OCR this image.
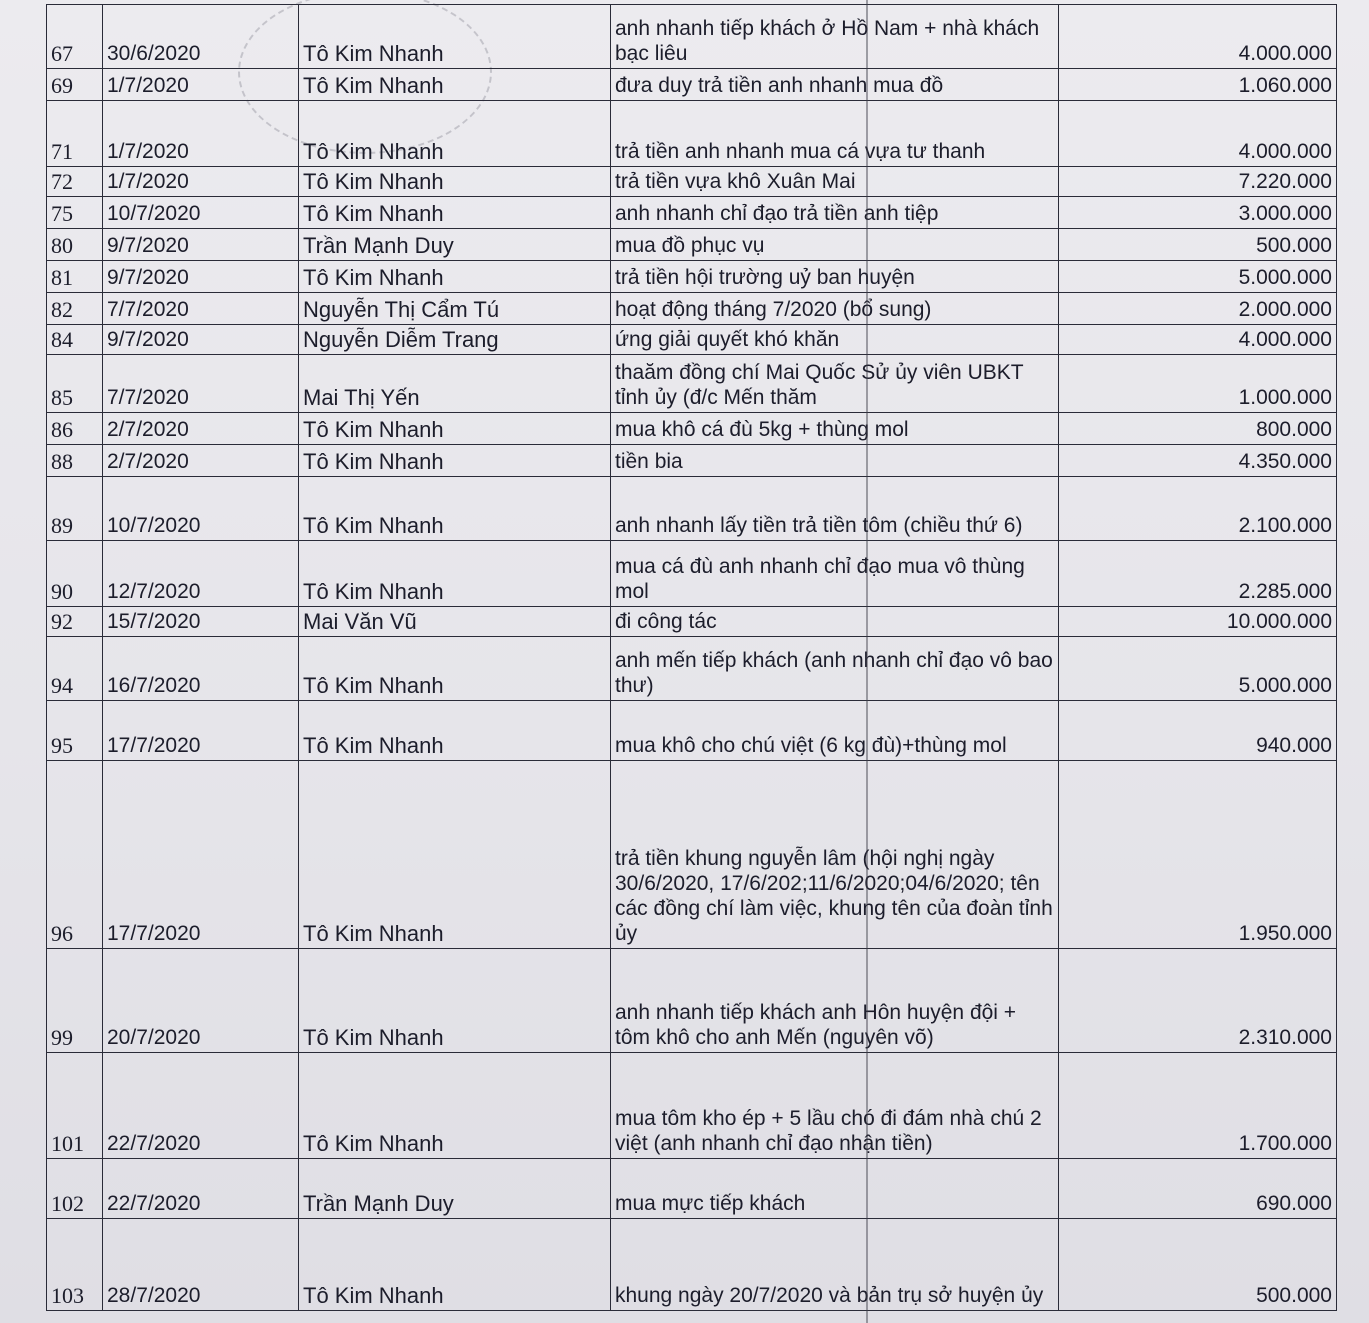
67	30/6/2020	Tô Kim Nhanh	anh nhanh tiếp khách ở Hồ Nam + nhà khách bạc liêu	4.000.000
69	1/7/2020	Tô Kim Nhanh	đưa duy trả tiền anh nhanh mua đồ	1.060.000
71	1/7/2020	Tô Kim Nhanh	trả tiền anh nhanh mua cá vựa tư thanh	4.000.000
72	1/7/2020	Tô Kim Nhanh	trả tiền vựa khô Xuân Mai	7.220.000
75	10/7/2020	Tô Kim Nhanh	anh nhanh chỉ đạo trả tiền anh tiệp	3.000.000
80	9/7/2020	Trần Mạnh Duy	mua đồ phục vụ	500.000
81	9/7/2020	Tô Kim Nhanh	trả tiền hội trường uỷ ban huyện	5.000.000
82	7/7/2020	Nguyễn Thị Cẩm Tú	hoạt động tháng 7/2020 (bổ sung)	2.000.000
84	9/7/2020	Nguyễn Diễm Trang	ứng giải quyết khó khăn	4.000.000
85	7/7/2020	Mai Thị Yến	thaăm đồng chí Mai Quốc Sử ủy viên UBKT tỉnh ủy (đ/c Mến thăm	1.000.000
86	2/7/2020	Tô Kim Nhanh	mua khô cá đù 5kg + thùng mol	800.000
88	2/7/2020	Tô Kim Nhanh	tiền bia	4.350.000
89	10/7/2020	Tô Kim Nhanh	anh nhanh lấy tiền trả tiền tôm (chiều thứ 6)	2.100.000
90	12/7/2020	Tô Kim Nhanh	mua cá đù anh nhanh chỉ đạo mua vô thùng mol	2.285.000
92	15/7/2020	Mai Văn Vũ	đi công tác	10.000.000
94	16/7/2020	Tô Kim Nhanh	anh mến tiếp khách (anh nhanh chỉ đạo vô bao thư)	5.000.000
95	17/7/2020	Tô Kim Nhanh	mua khô cho chú việt (6 kg đù)+thùng mol	940.000
96	17/7/2020	Tô Kim Nhanh	trả tiền khung nguyễn lâm (hội nghị ngày 30/6/2020, 17/6/202;11/6/2020;04/6/2020; tên các đồng chí làm việc, khung tên của đoàn tỉnh ủy	1.950.000
99	20/7/2020	Tô Kim Nhanh	anh nhanh tiếp khách anh Hôn huyện đội + tôm khô cho anh Mến (nguyên võ)	2.310.000
101	22/7/2020	Tô Kim Nhanh	mua tôm kho ép + 5 lầu chó đi đám nhà chú 2 việt (anh nhanh chỉ đạo nhận tiền)	1.700.000
102	22/7/2020	Trần Mạnh Duy	mua mực tiếp khách	690.000
103	28/7/2020	Tô Kim Nhanh	khung ngày 20/7/2020 và bản trụ sở huyện ủy	500.000
